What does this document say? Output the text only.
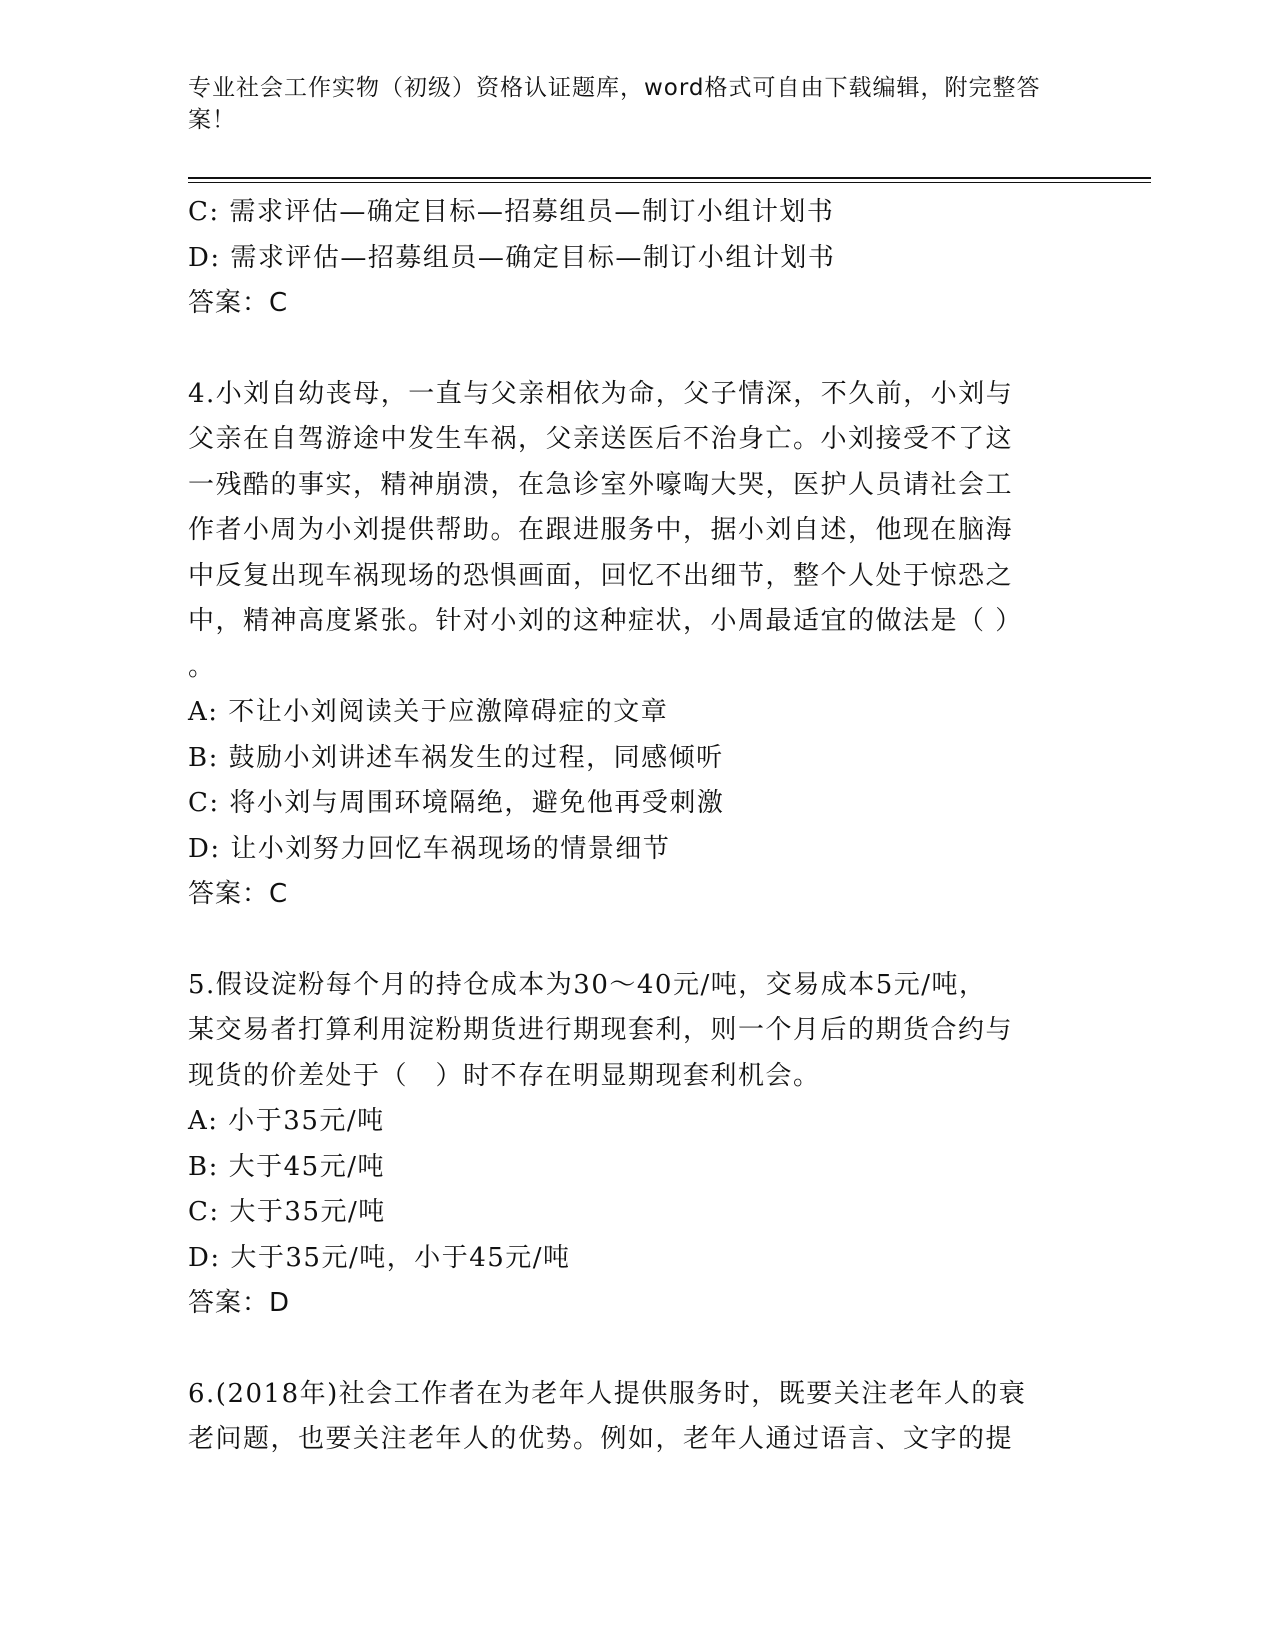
专业社会工作实物（初级）资格认证题库，word格式可自由下载编辑，附完整答
案！
C: 需求评估—确定目标—招募组员—制订小组计划书
D: 需求评估—招募组员—确定目标—制订小组计划书
答案：C
4.小刘自幼丧母，一直与父亲相依为命，父子情深，不久前，小刘与
父亲在自驾游途中发生车祸，父亲送医后不治身亡。小刘接受不了这
一残酷的事实，精神崩溃，在急诊室外嚎啕大哭，医护人员请社会工
作者小周为小刘提供帮助。在跟进服务中，据小刘自述，他现在脑海
中反复出现车祸现场的恐惧画面，回忆不出细节，整个人处于惊恐之
中，精神高度紧张。针对小刘的这种症状，小周最适宜的做法是（ ）
。
A: 不让小刘阅读关于应激障碍症的文章
B: 鼓励小刘讲述车祸发生的过程，同感倾听
C: 将小刘与周围环境隔绝，避免他再受刺激
D: 让小刘努力回忆车祸现场的情景细节
答案：C
5.假设淀粉每个月的持仓成本为30～40元/吨，交易成本5元/吨，
某交易者打算利用淀粉期货进行期现套利，则一个月后的期货合约与
现货的价差处于（　）时不存在明显期现套利机会。
A: 小于35元/吨
B: 大于45元/吨
C: 大于35元/吨
D: 大于35元/吨，小于45元/吨
答案：D
6.(2018年)社会工作者在为老年人提供服务时，既要关注老年人的衰
老问题，也要关注老年人的优势。例如，老年人通过语言、文字的提
